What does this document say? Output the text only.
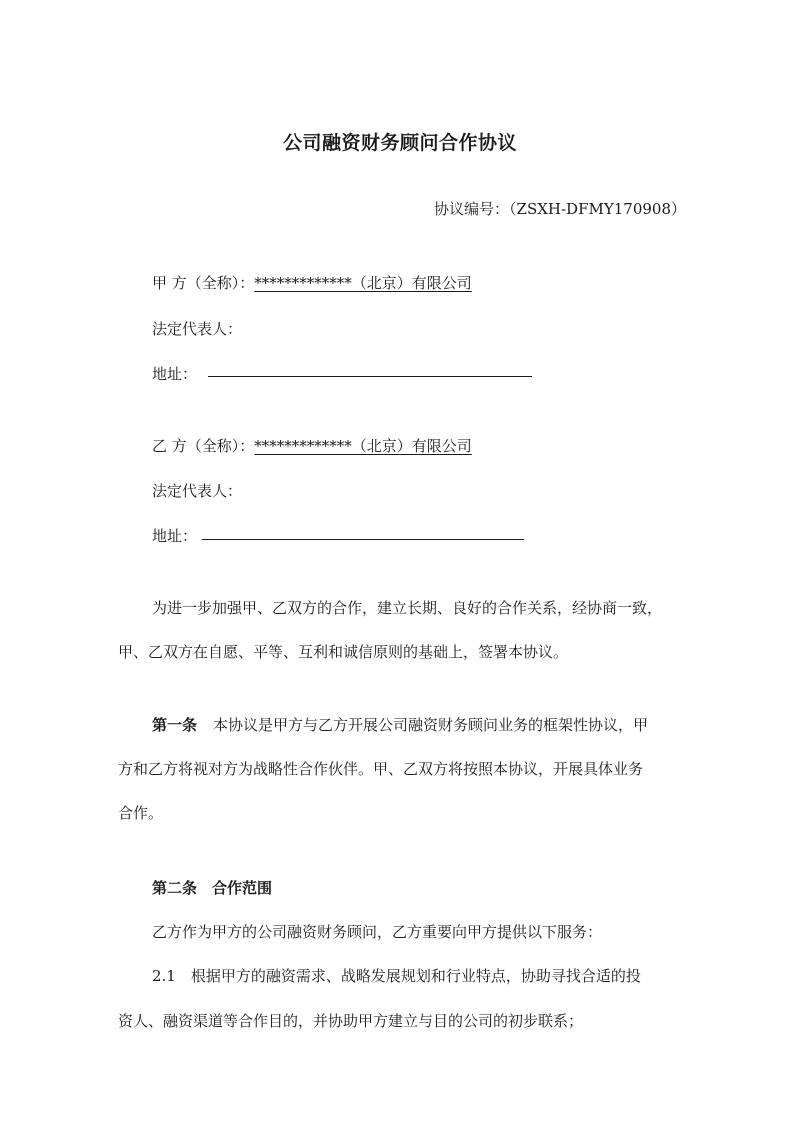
公司融资财务顾问合作协议
协议编号：（ZSXH-DFMY170908）
甲 方（全称）：*************（北京）有限公司
法定代表人：
地址：
乙 方（全称）：*************（北京）有限公司
法定代表人：
地址：
为进一步加强甲、乙双方的合作，建立长期、良好的合作关系，经协商一致，
甲、乙双方在自愿、平等、互利和诚信原则的基础上，签署本协议。
第一条 本协议是甲方与乙方开展公司融资财务顾问业务的框架性协议，甲
方和乙方将视对方为战略性合作伙伴。甲、乙双方将按照本协议，开展具体业务
合作。
第二条　合作范围
乙方作为甲方的公司融资财务顾问，乙方重要向甲方提供以下服务：
2.1　根据甲方的融资需求、战略发展规划和行业特点，协助寻找合适的投
资人、融资渠道等合作目的，并协助甲方建立与目的公司的初步联系；
